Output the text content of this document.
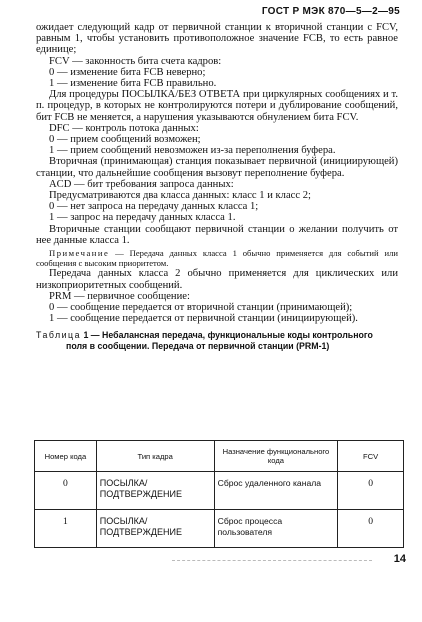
ГОСТ Р МЭК 870—5—2—95

ожидает следующий кадр от первичной станции к вторичной станции с FCV, равным 1, чтобы установить противоположное значение FCB, то есть равное единице;

FCV — законность бита счета кадров:

0 — изменение бита FCB неверно;

1 — изменение бита FCB правильно.

Для процедуры ПОСЫЛКА/БЕЗ ОТВЕТА при циркулярных сообщениях и т. п. процедур, в которых не контролируются потери и дублирование сообщений, бит FCB не меняется, а нарушения указываются обнулением бита FCV.

DFC — контроль потока данных:

0 — прием сообщений возможен;

1 — прием сообщений невозможен из-за переполнения буфера.

Вторичная (принимающая) станция показывает первичной (инициирующей) станции, что дальнейшие сообщения вызовут переполнение буфера.

ACD — бит требования запроса данных:

Предусматриваются два класса данных: класс 1 и класс 2;

0 — нет запроса на передачу данных класса 1;

1 — запрос на передачу данных класса 1.

Вторичные станции сообщают первичной станции о желании получить от нее данные класса 1.

Примечание — Передача данных класса 1 обычно применяется для событий или сообщения с высоким приоритетом.

Передача данных класса 2 обычно применяется для циклических или низкоприоритетных сообщений.

PRM — первичное сообщение:

0 — сообщение передается от вторичной станции (принимающей);

1 — сообщение передается от первичной станции (инициирующей).

Таблица 1 — Небалансная передача, функциональные коды контрольного
поля в сообщении. Передача от первичной станции (PRM-1)

Номер кода	Тип кадра	Назначение функционального кода	FCV
0	ПОСЫЛКА/ПОДТВЕРЖДЕНИЕ	Сброс удаленного канала	0
1	ПОСЫЛКА/ПОДТВЕРЖДЕНИЕ	Сброс процесса пользователя	0
14
